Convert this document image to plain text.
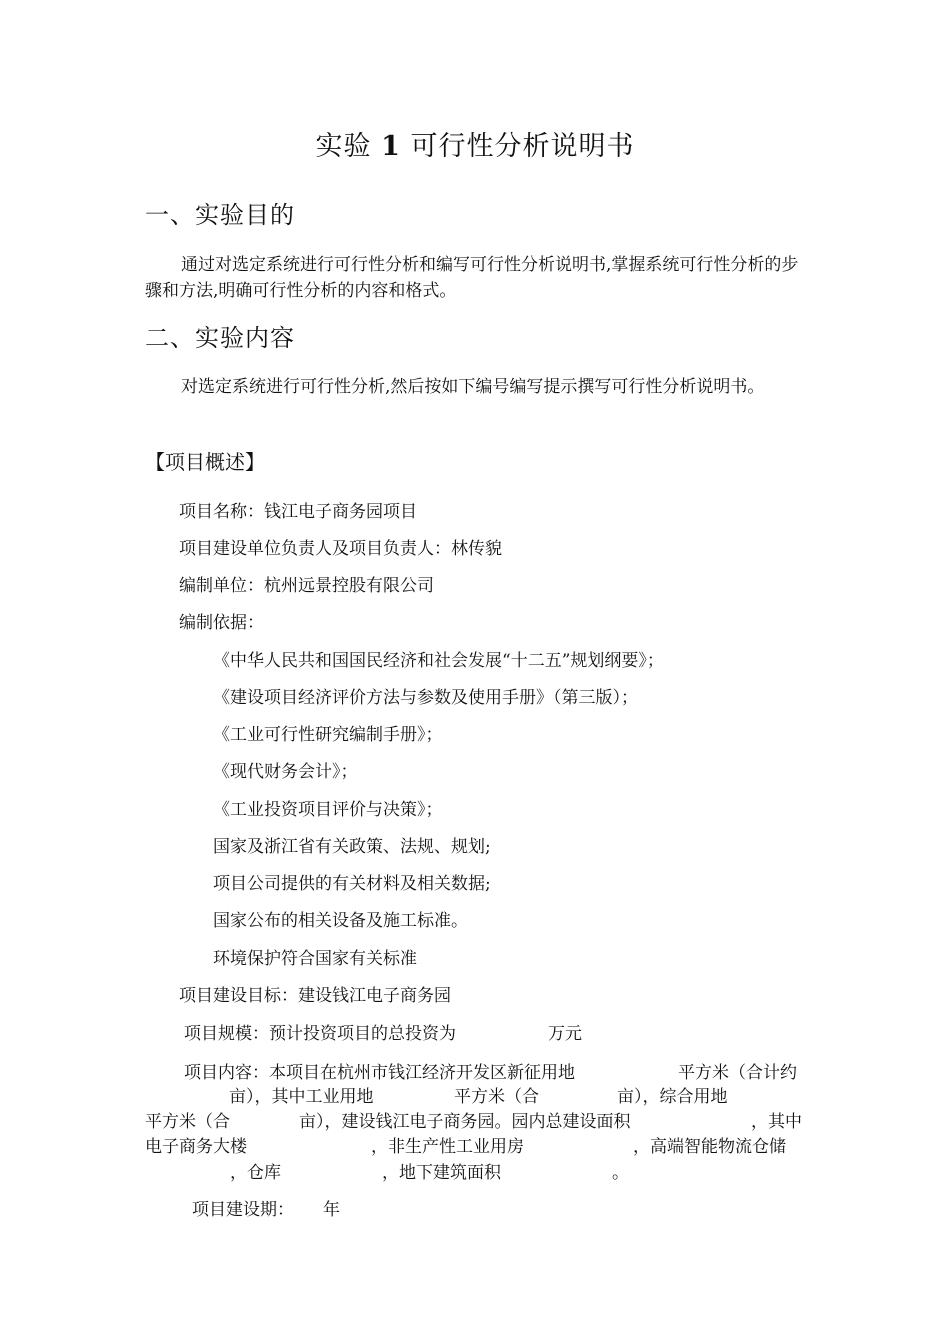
实验 1 可行性分析说明书
一、实验目的
通过对选定系统进行可行性分析和编写可行性分析说明书,掌握系统可行性分析的步骤和方法,明确可行性分析的内容和格式。
二、实验内容
对选定系统进行可行性分析,然后按如下编号编写提示撰写可行性分析说明书。
【项目概述】
项目名称：钱江电子商务园项目
项目建设单位负责人及项目负责人：林传貌
编制单位：杭州远景控股有限公司
编制依据：
《中华人民共和国国民经济和社会发展“十二五”规划纲要》；
《建设项目经济评价方法与参数及使用手册》（第三版）；
《工业可行性研究编制手册》；
《现代财务会计》；
《工业投资项目评价与决策》；
国家及浙江省有关政策、法规、规划;
项目公司提供的有关材料及相关数据;
国家公布的相关设备及施工标准。
环境保护符合国家有关标准
项目建设目标：建设钱江电子商务园
项目规模：预计投资项目的总投资为	万元
项目内容：本项目在杭州市钱江经济开发区新征用地	平方米（合计约
亩），其中工业用地	平方米（合	亩），综合用地
平方米（合	亩），建设钱江电子商务园。园内总建设面积	，其中
电子商务大楼	，非生产性工业用房	，高端智能物流仓储
，仓库	，地下建筑面积	。
项目建设期： 年
